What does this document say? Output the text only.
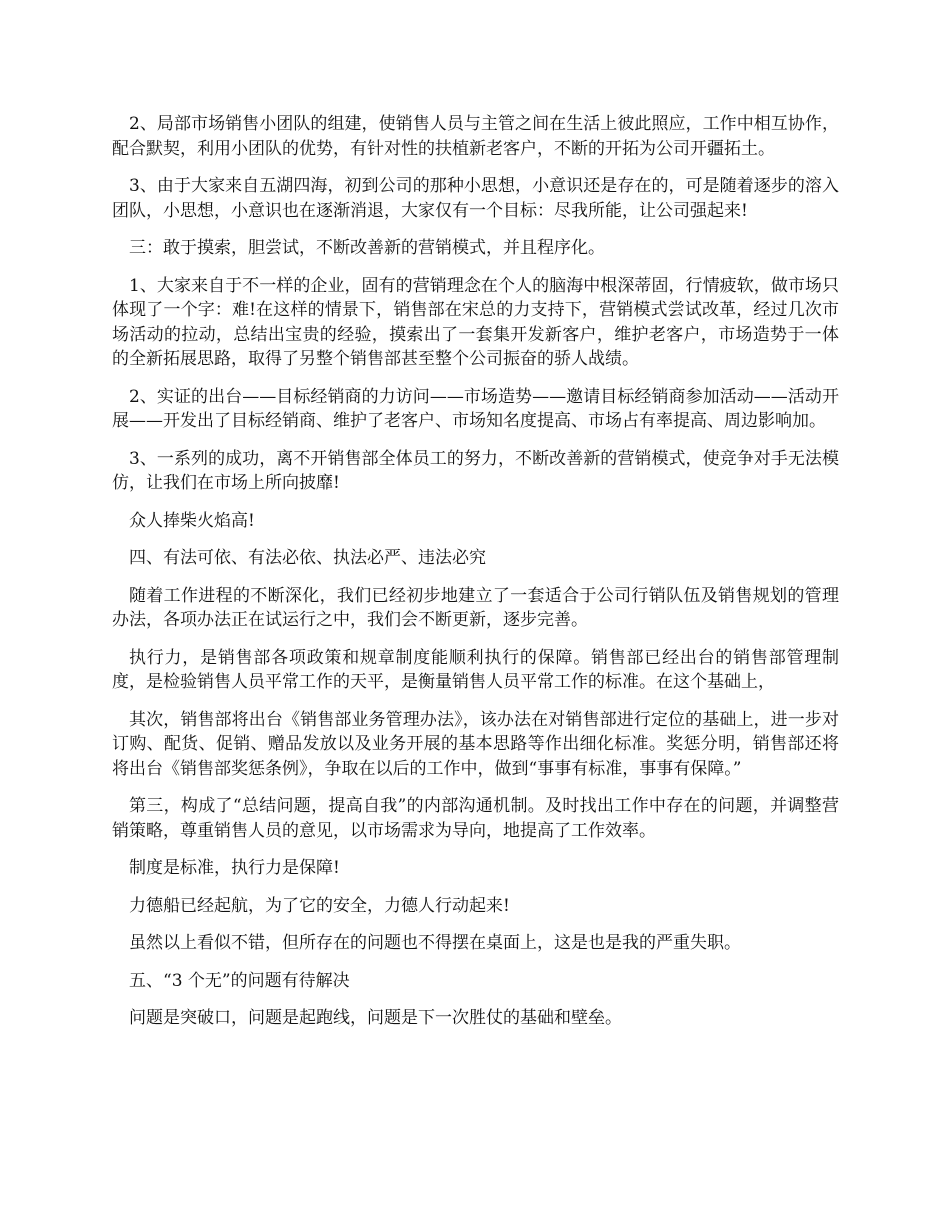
2、局部市场销售小团队的组建，使销售人员与主管之间在生活上彼此照应，工作中相互协作，配合默契，利用小团队的优势，有针对性的扶植新老客户，不断的开拓为公司开疆拓土。

3、由于大家来自五湖四海，初到公司的那种小思想，小意识还是存在的，可是随着逐步的溶入团队，小思想，小意识也在逐渐消退，大家仅有一个目标：尽我所能，让公司强起来!

三：敢于摸索，胆尝试，不断改善新的营销模式，并且程序化。

1、大家来自于不一样的企业，固有的营销理念在个人的脑海中根深蒂固，行情疲软，做市场只体现了一个字：难!在这样的情景下，销售部在宋总的力支持下，营销模式尝试改革，经过几次市场活动的拉动，总结出宝贵的经验，摸索出了一套集开发新客户，维护老客户，市场造势于一体的全新拓展思路，取得了另整个销售部甚至整个公司振奋的骄人战绩。

2、实证的出台——目标经销商的力访问——市场造势——邀请目标经销商参加活动——活动开展——开发出了目标经销商、维护了老客户、市场知名度提高、市场占有率提高、周边影响加。

3、一系列的成功，离不开销售部全体员工的努力，不断改善新的营销模式，使竞争对手无法模仿，让我们在市场上所向披靡!

众人捧柴火焰高!

四、有法可依、有法必依、执法必严、违法必究

随着工作进程的不断深化，我们已经初步地建立了一套适合于公司行销队伍及销售规划的管理办法，各项办法正在试运行之中，我们会不断更新，逐步完善。

执行力，是销售部各项政策和规章制度能顺利执行的保障。销售部已经出台的销售部管理制度，是检验销售人员平常工作的天平，是衡量销售人员平常工作的标准。在这个基础上，

其次，销售部将出台《销售部业务管理办法》，该办法在对销售部进行定位的基础上，进一步对订购、配货、促销、赠品发放以及业务开展的基本思路等作出细化标准。奖惩分明，销售部还将将出台《销售部奖惩条例》，争取在以后的工作中，做到“事事有标准，事事有保障。”

第三，构成了“总结问题，提高自我”的内部沟通机制。及时找出工作中存在的问题，并调整营销策略，尊重销售人员的意见，以市场需求为导向，地提高了工作效率。

制度是标准，执行力是保障!

力德船已经起航，为了它的安全，力德人行动起来!

虽然以上看似不错，但所存在的问题也不得摆在桌面上，这是也是我的严重失职。

五、“3 个无”的问题有待解决

问题是突破口，问题是起跑线，问题是下一次胜仗的基础和壁垒。
